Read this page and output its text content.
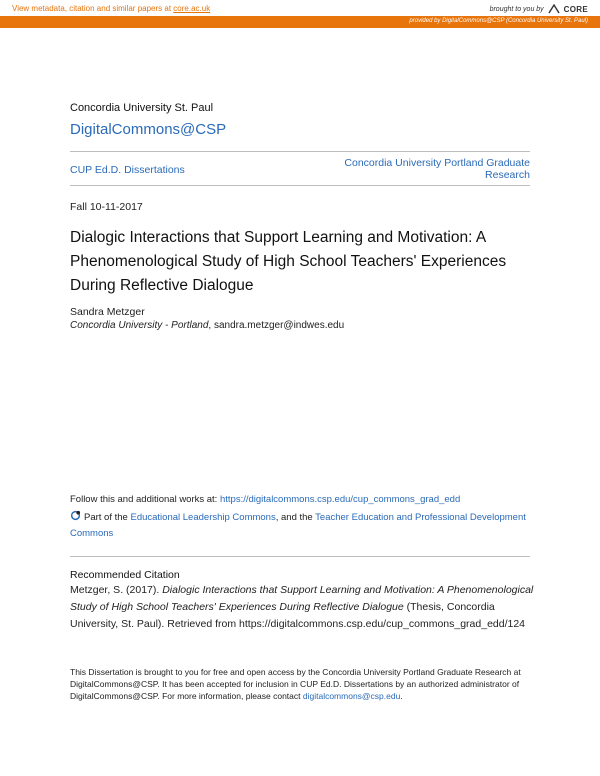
View metadata, citation and similar papers at core.ac.uk	brought to you by	CORE
provided by DigitalCommons@CSP (Concordia University St. Paul)
Concordia University St. Paul
DigitalCommons@CSP
CUP Ed.D. Dissertations
Concordia University Portland Graduate Research
Fall 10-11-2017
Dialogic Interactions that Support Learning and Motivation: A Phenomenological Study of High School Teachers' Experiences During Reflective Dialogue
Sandra Metzger
Concordia University - Portland, sandra.metzger@indwes.edu
Follow this and additional works at: https://digitalcommons.csp.edu/cup_commons_grad_edd
Part of the Educational Leadership Commons, and the Teacher Education and Professional Development Commons
Recommended Citation
Metzger, S. (2017). Dialogic Interactions that Support Learning and Motivation: A Phenomenological Study of High School Teachers' Experiences During Reflective Dialogue (Thesis, Concordia University, St. Paul). Retrieved from https://digitalcommons.csp.edu/cup_commons_grad_edd/124
This Dissertation is brought to you for free and open access by the Concordia University Portland Graduate Research at DigitalCommons@CSP. It has been accepted for inclusion in CUP Ed.D. Dissertations by an authorized administrator of DigitalCommons@CSP. For more information, please contact digitalcommons@csp.edu.
